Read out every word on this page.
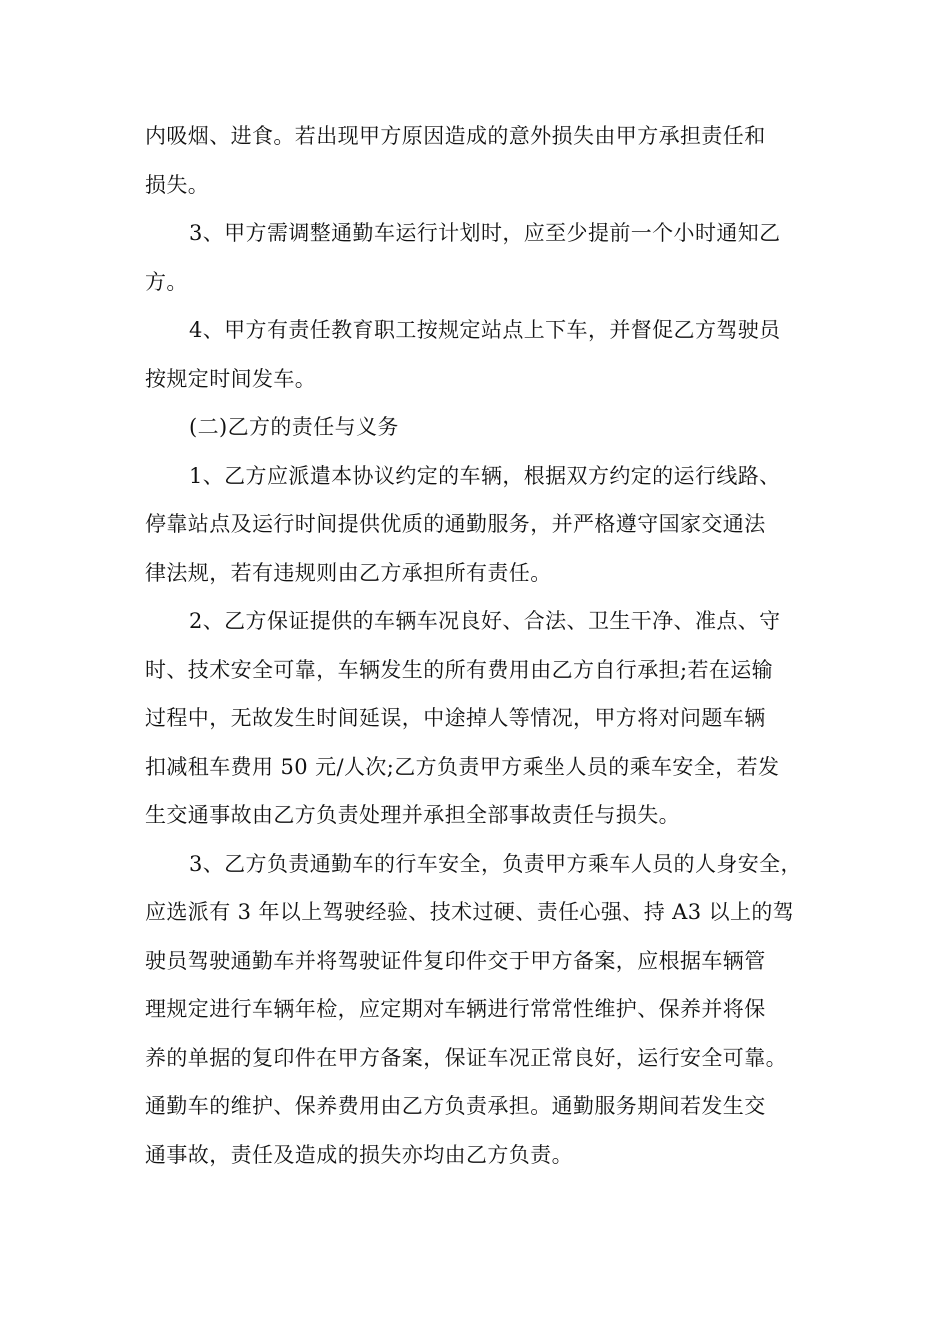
内吸烟、进食。若出现甲方原因造成的意外损失由甲方承担责任和
损失。
3、甲方需调整通勤车运行计划时，应至少提前一个小时通知乙
方。
4、甲方有责任教育职工按规定站点上下车，并督促乙方驾驶员
按规定时间发车。
(二)乙方的责任与义务
1、乙方应派遣本协议约定的车辆，根据双方约定的运行线路、
停靠站点及运行时间提供优质的通勤服务，并严格遵守国家交通法
律法规，若有违规则由乙方承担所有责任。
2、乙方保证提供的车辆车况良好、合法、卫生干净、准点、守
时、技术安全可靠，车辆发生的所有费用由乙方自行承担;若在运输
过程中，无故发生时间延误，中途掉人等情况，甲方将对问题车辆
扣减租车费用 50 元/人次;乙方负责甲方乘坐人员的乘车安全，若发
生交通事故由乙方负责处理并承担全部事故责任与损失。
3、乙方负责通勤车的行车安全，负责甲方乘车人员的人身安全，
应选派有 3 年以上驾驶经验、技术过硬、责任心强、持 A3 以上的驾
驶员驾驶通勤车并将驾驶证件复印件交于甲方备案，应根据车辆管
理规定进行车辆年检，应定期对车辆进行常常性维护、保养并将保
养的单据的复印件在甲方备案，保证车况正常良好，运行安全可靠。
通勤车的维护、保养费用由乙方负责承担。通勤服务期间若发生交
通事故，责任及造成的损失亦均由乙方负责。
